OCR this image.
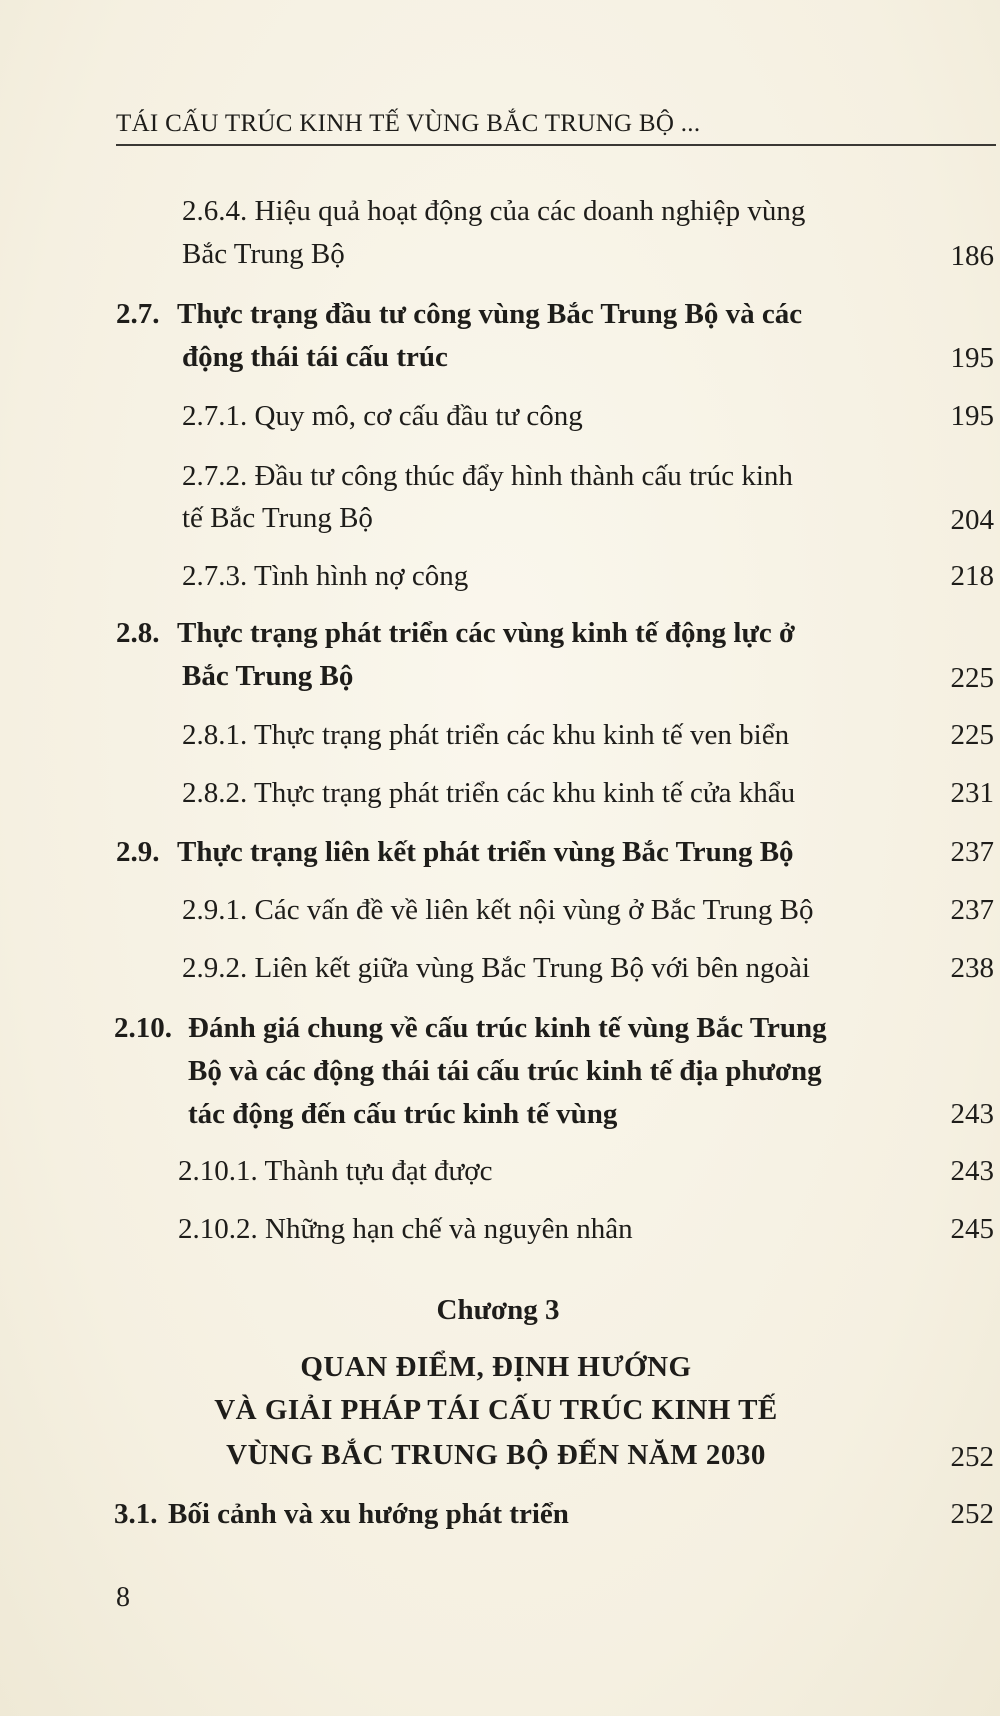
TÁI CẤU TRÚC KINH TẾ VÙNG BẮC TRUNG BỘ ...
2.6.4. Hiệu quả hoạt động của các doanh nghiệp vùng
Bắc Trung Bộ	186
2.7. Thực trạng đầu tư công vùng Bắc Trung Bộ và các
động thái tái cấu trúc	195
2.7.1. Quy mô, cơ cấu đầu tư công	195
2.7.2. Đầu tư công thúc đẩy hình thành cấu trúc kinh
tế Bắc Trung Bộ	204
2.7.3. Tình hình nợ công	218
2.8. Thực trạng phát triển các vùng kinh tế động lực ở
Bắc Trung Bộ	225
2.8.1. Thực trạng phát triển các khu kinh tế ven biển	225
2.8.2. Thực trạng phát triển các khu kinh tế cửa khẩu	231
2.9. Thực trạng liên kết phát triển vùng Bắc Trung Bộ	237
2.9.1. Các vấn đề về liên kết nội vùng ở Bắc Trung Bộ	237
2.9.2. Liên kết giữa vùng Bắc Trung Bộ với bên ngoài	238
2.10. Đánh giá chung về cấu trúc kinh tế vùng Bắc Trung
Bộ và các động thái tái cấu trúc kinh tế địa phương
tác động đến cấu trúc kinh tế vùng	243
2.10.1. Thành tựu đạt được	243
2.10.2. Những hạn chế và nguyên nhân	245
Chương 3
QUAN ĐIỂM, ĐỊNH HƯỚNG
VÀ GIẢI PHÁP TÁI CẤU TRÚC KINH TẾ
VÙNG BẮC TRUNG BỘ ĐẾN NĂM 2030	252
3.1. Bối cảnh và xu hướng phát triển	252
8
